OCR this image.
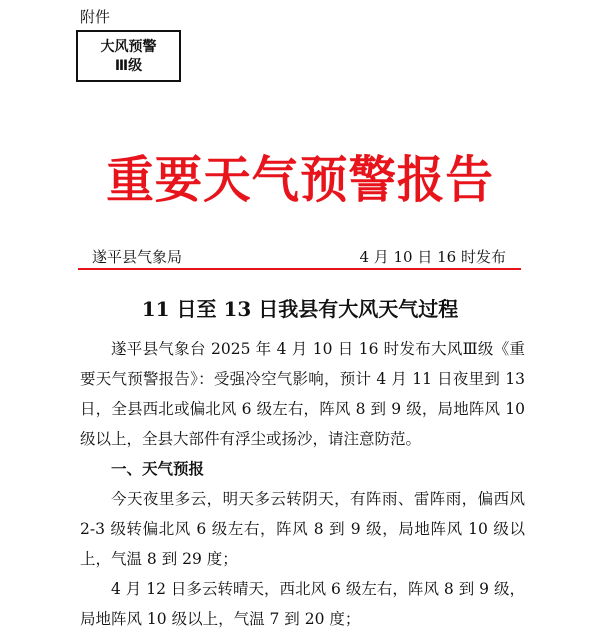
附件
大风预警
Ⅲ级
重要天气预警报告
遂平县气象局	4 月 10 日 16 时发布
11 日至 13 日我县有大风天气过程

遂平县气象台 2025 年 4 月 10 日 16 时发布大风Ⅲ级《重要天气预警报告》：受强冷空气影响，预计 4 月 11 日夜里到 13 日，全县西北或偏北风 6 级左右，阵风 8 到 9 级，局地阵风 10 级以上，全县大部件有浮尘或扬沙，请注意防范。

一、天气预报

今天夜里多云，明天多云转阴天，有阵雨、雷阵雨，偏西风 2-3 级转偏北风 6 级左右，阵风 8 到 9 级，局地阵风 10 级以上，气温 8 到 29 度；

4 月 12 日多云转晴天，西北风 6 级左右，阵风 8 到 9 级，局地阵风 10 级以上，气温 7 到 20 度；
